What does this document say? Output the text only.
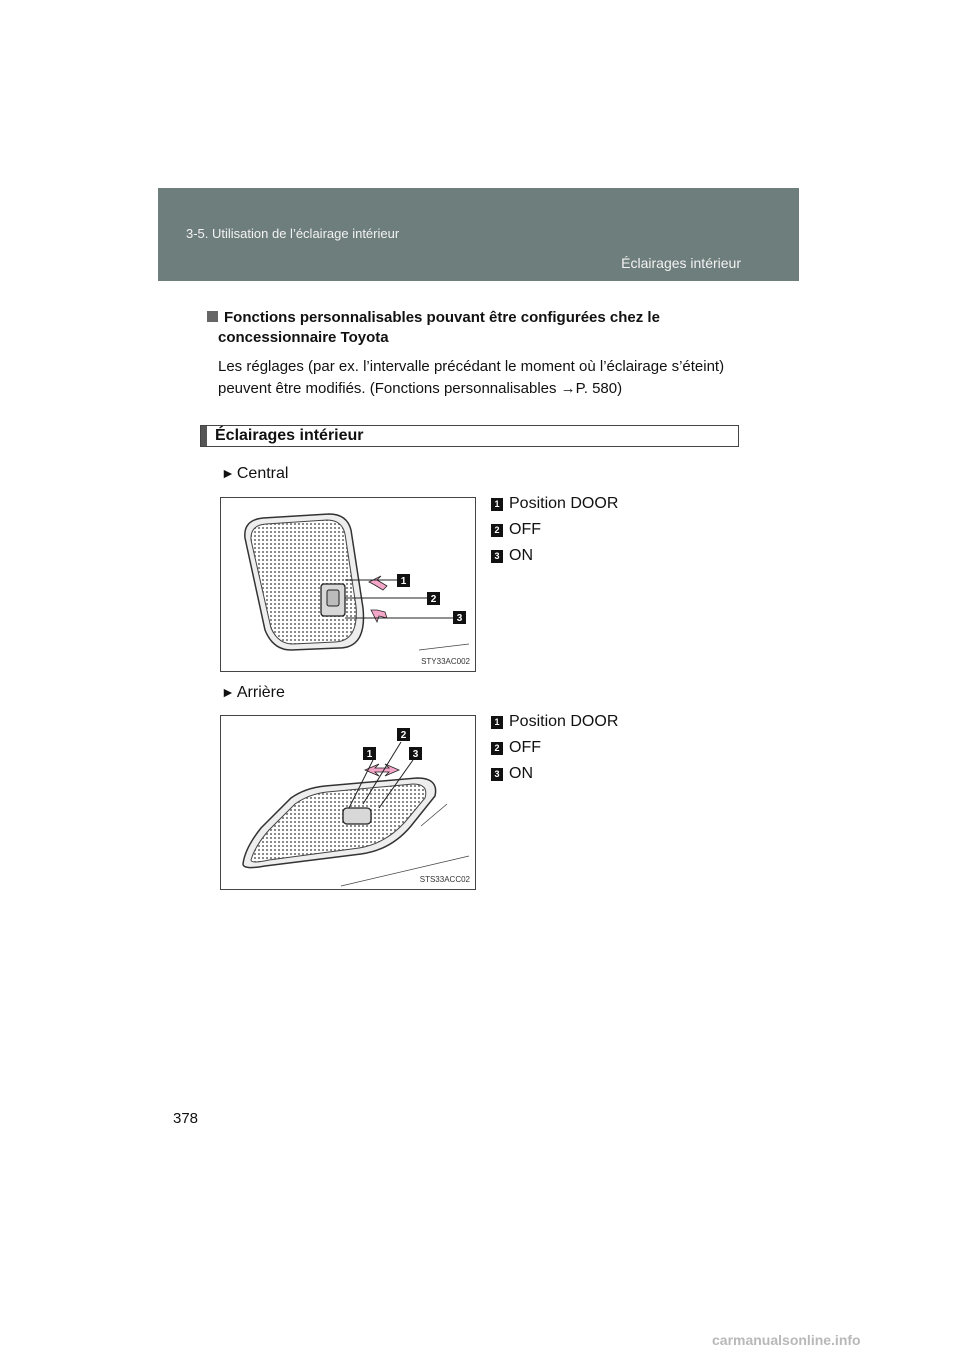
3-5. Utilisation de l’éclairage intérieur
Éclairages intérieur
Fonctions personnalisables pouvant être configurées chez le
concessionnaire Toyota
Les réglages (par ex. l’intervalle précédant le moment où l’éclairage s’éteint)
peuvent être modifiés. (Fonctions personnalisables →P. 580)
Éclairages intérieur
► Central
1
2
3
STY33AC002
1 Position DOOR
2 OFF
3 ON
► Arrière
1
2
3
STS33ACC02
1 Position DOOR
2 OFF
3 ON
378
carmanualsonline.info
